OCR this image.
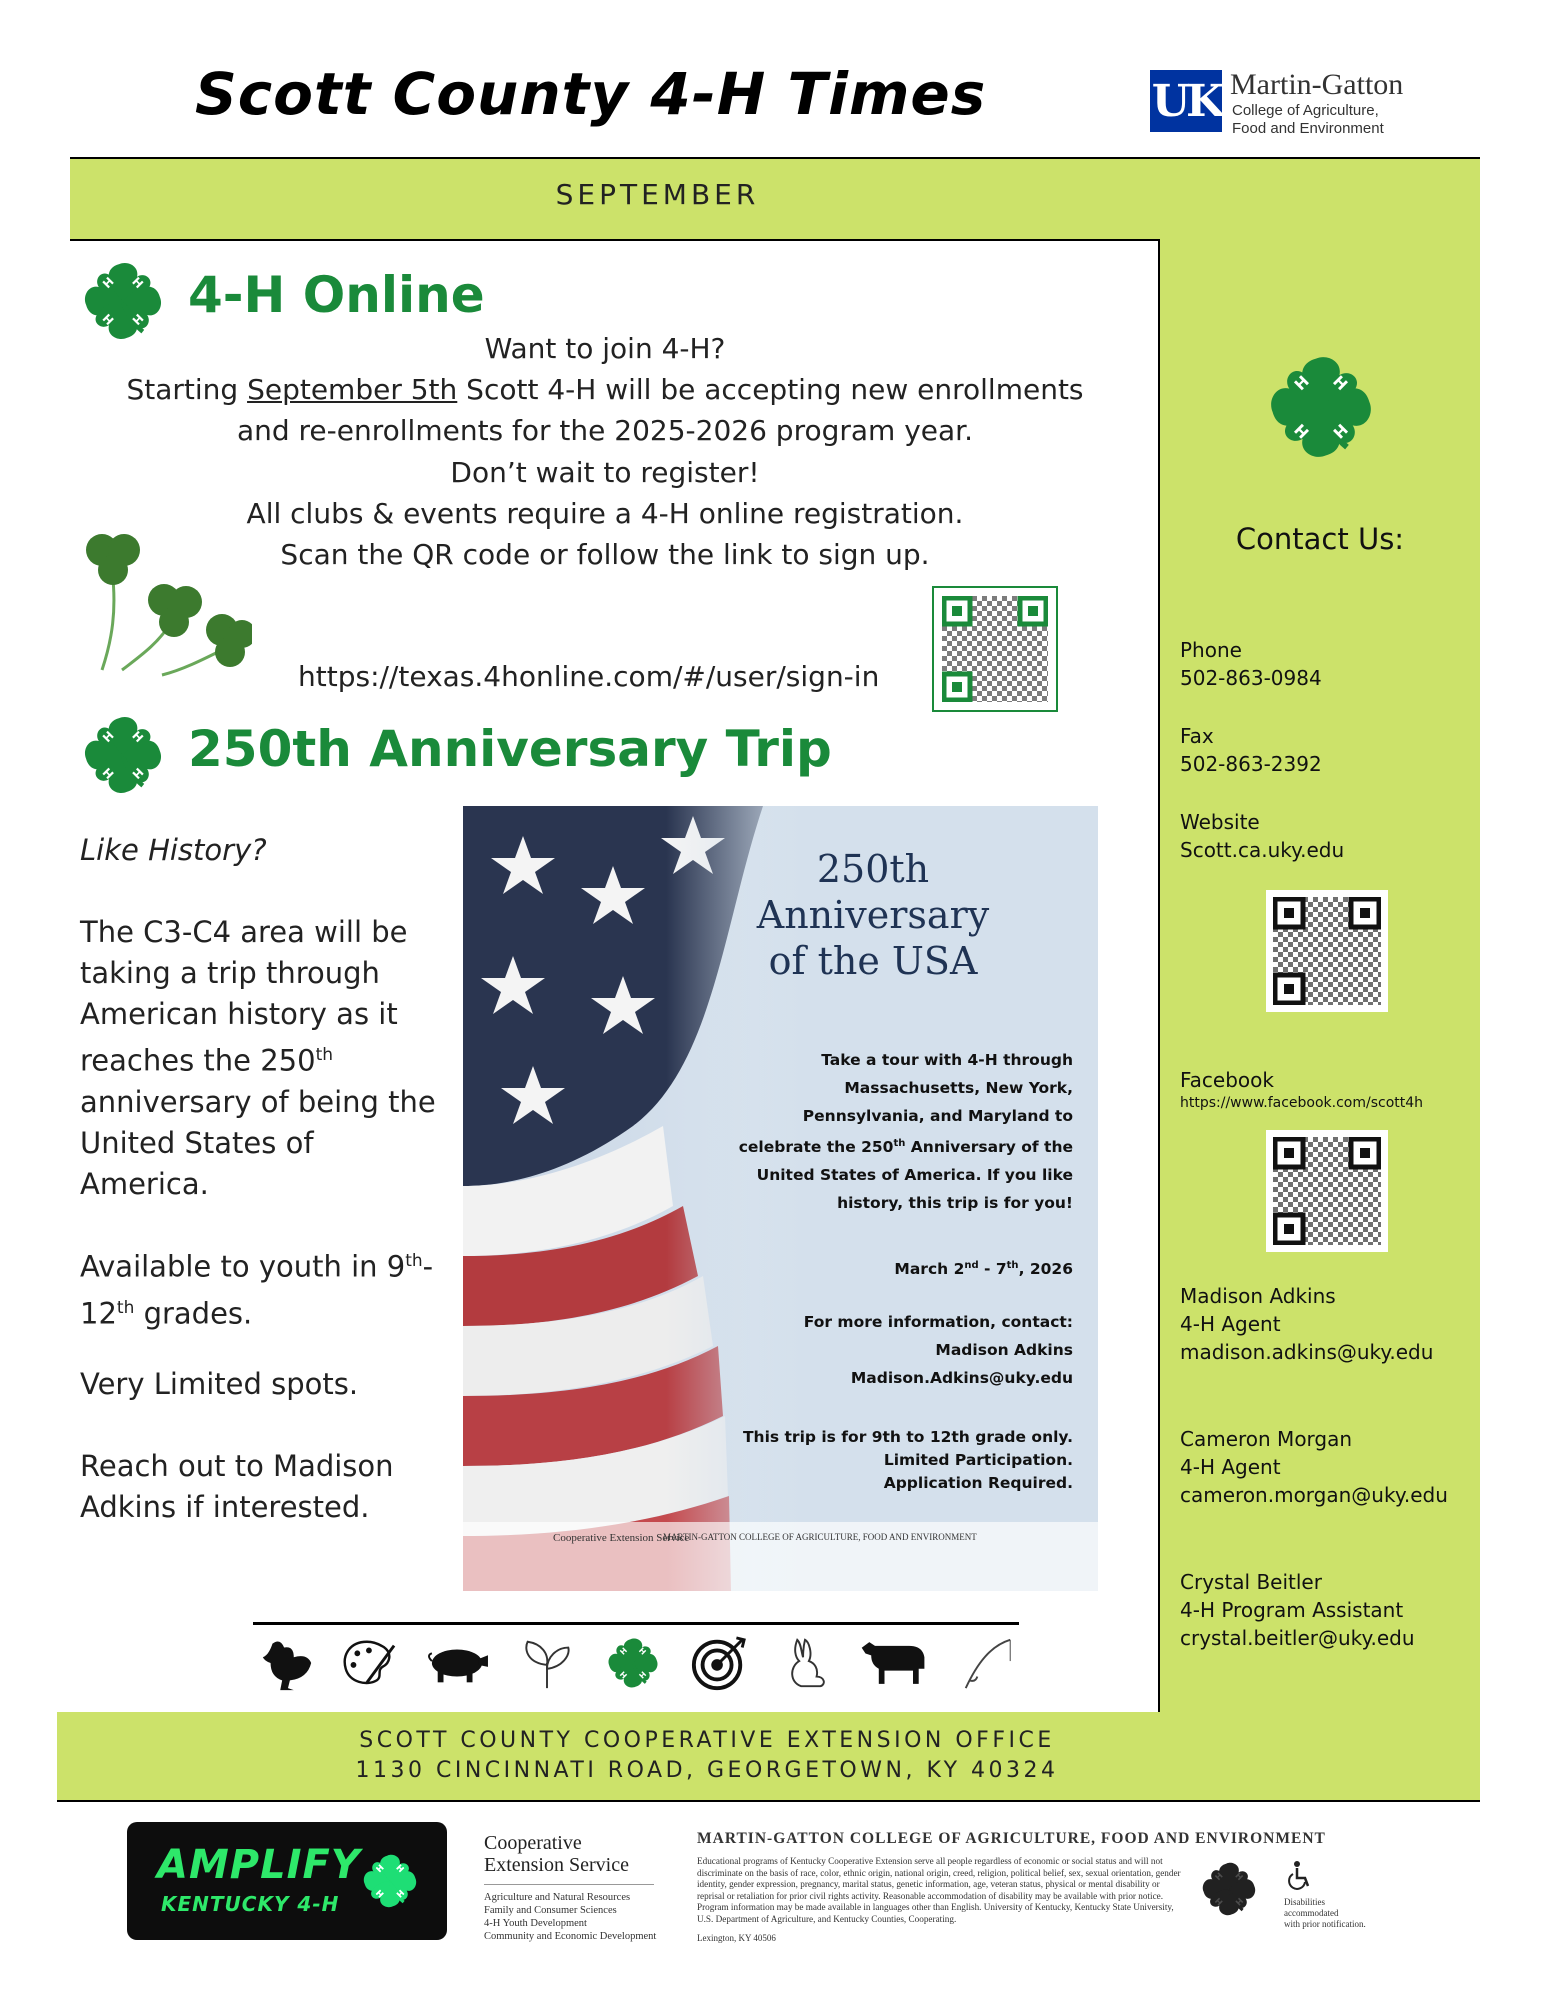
Scott County 4-H Times	UK Martin-Gatton
College of Agriculture,
Food and Environment
SEPTEMBER
4-H Online
Want to join 4-H?
Starting September 5th Scott 4-H will be accepting new enrollments
and re-enrollments for the 2025-2026 program year.
Don’t wait to register!
All clubs & events require a 4-H online registration.
Scan the QR code or follow the link to sign up.
https://texas.4honline.com/#/user/sign-in
250th Anniversary Trip
Like History?
The C3-C4 area will be taking a trip through American history as it reaches the 250th anniversary of being the United States of America.
Available to youth in 9th- 12th grades.
Very Limited spots.
Reach out to Madison Adkins if interested.
250th
Anniversary
of the USA
Take a tour with 4-H through
Massachusetts, New York,
Pennsylvania, and Maryland to
celebrate the 250th Anniversary of the
United States of America. If you like
history, this trip is for you!
March 2nd - 7th, 2026
For more information, contact:
Madison Adkins
Madison.Adkins@uky.edu
This trip is for 9th to 12th grade only.
Limited Participation.
Application Required.
Cooperative Extension Service
MARTIN-GATTON COLLEGE OF AGRICULTURE, FOOD AND ENVIRONMENT
Contact Us:
Phone
502-863-0984
Fax
502-863-2392
Website
Scott.ca.uky.edu
Facebook
https://www.facebook.com/scott4h
Madison Adkins
4-H Agent
madison.adkins@uky.edu
Cameron Morgan
4-H Agent
cameron.morgan@uky.edu
Crystal Beitler
4-H Program Assistant
crystal.beitler@uky.edu
SCOTT COUNTY COOPERATIVE EXTENSION OFFICE
1130 CINCINNATI ROAD, GEORGETOWN, KY 40324
AMPLIFY
KENTUCKY 4-H
Cooperative
Extension Service
Agriculture and Natural Resources
Family and Consumer Sciences
4-H Youth Development
Community and Economic Development
MARTIN-GATTON COLLEGE OF AGRICULTURE, FOOD AND ENVIRONMENT
Educational programs of Kentucky Cooperative Extension serve all people regardless of economic or social status and will not discriminate on the basis of race, color, ethnic origin, national origin, creed, religion, political belief, sex, sexual orientation, gender identity, gender expression, pregnancy, marital status, genetic information, age, veteran status, physical or mental disability or reprisal or retaliation for prior civil rights activity. Reasonable accommodation of disability may be available with prior notice. Program information may be made available in languages other than English. University of Kentucky, Kentucky State University, U.S. Department of Agriculture, and Kentucky Counties, Cooperating.
Lexington, KY 40506
Disabilities
accommodated
with prior notification.
